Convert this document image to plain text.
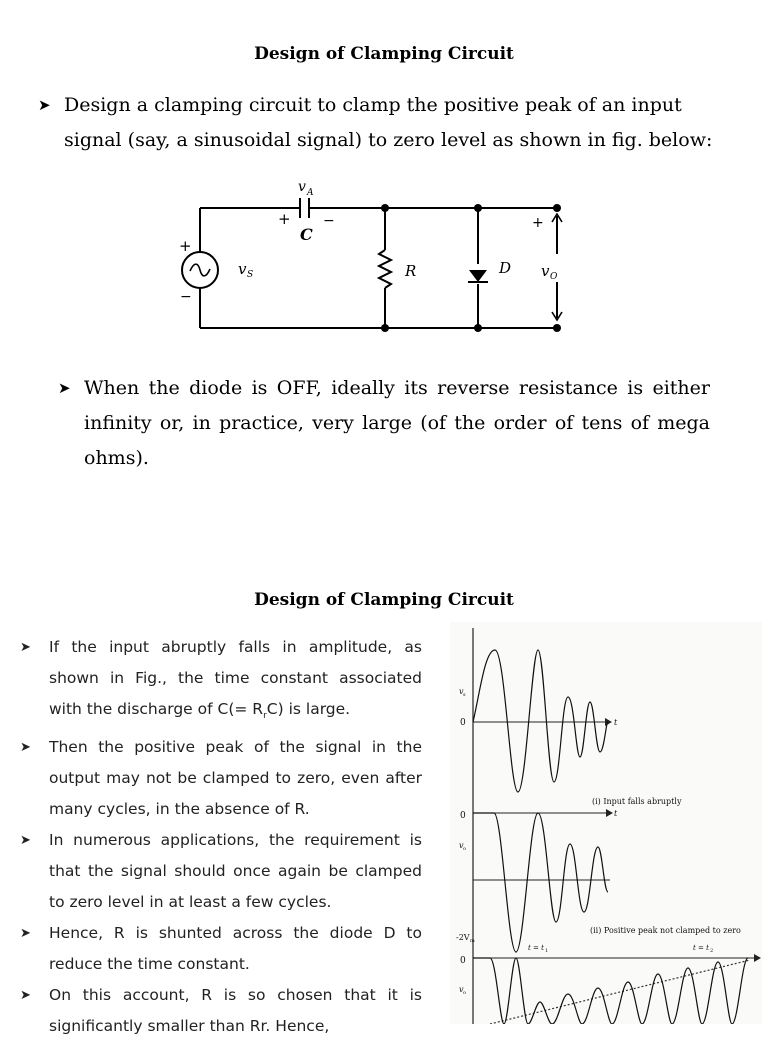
Design of Clamping Circuit
➤ Design a clamping circuit to clamp the positive peak of an input signal (say, a sinusoidal signal) to zero level as shown in fig. below:
v A
C
v S	R	D v O
+ −
+
−
+
➤ When the diode is OFF, ideally its reverse resistance is either infinity or, in practice, very large (of the order of tens of mega ohms).
Design of Clamping Circuit
➤ If the input abruptly falls in amplitude, as shown in Fig., the time constant associated with the discharge of $C(= R_rC)$ is large.
➤ Then the positive peak of the signal in the output may not be clamped to zero, even after many cycles, in the absence of R.
➤ In numerous applications, the requirement is that the signal should once again be clamped to zero level in at least a few cycles.
➤ Hence, R is shunted across the diode D to reduce the time constant.
➤ On this account, R is so chosen that it is significantly smaller than Rr. Hence,
v s
0	t
(i) Input falls abruptly
0	t
v o
(ii) Positive peak not clamped to zero
-2V m
t = t 1	t = t 2
0
v o
